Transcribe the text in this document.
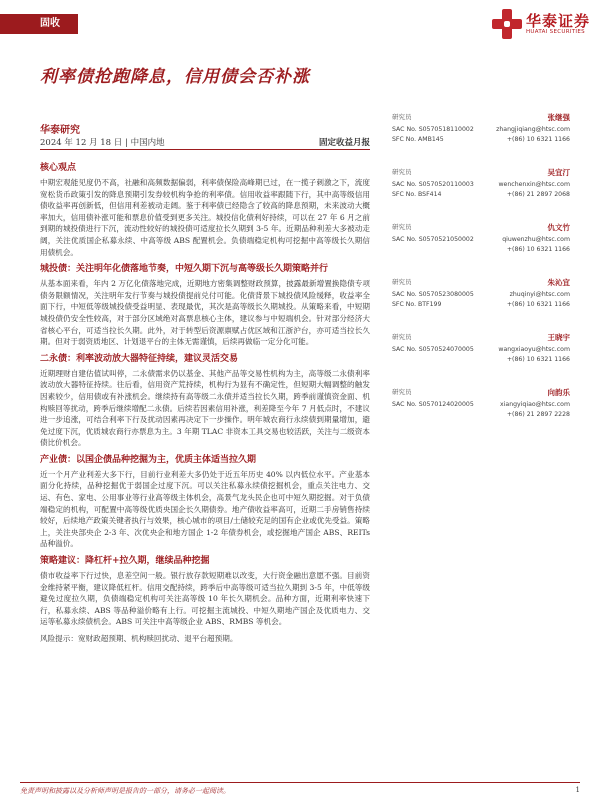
固收	华泰证券
HUATAI SECURITIES
利率债抢跑降息，信用债会否补涨
华泰研究
2024 年 12 月 18 日 | 中国内地	固定收益月报
核心观点
中期宏观能见度仍不高，社融和高频数据偏弱，利率债保险高峰期已过，在一揽子刺激之下，流度宽松货币政策引发的降息预期引发券较机构争抢的利率债。信用收益率跟随下行，其中高等级信用债收益率再创新低，但信用利差被动走阔。鉴于利率债已经隐含了较高的降息预期，未来波动大概率加大，信用债补涨可能和票息价值受到更多关注。城投信化债利好持续，可以在 27 年 6 月之前到期的城投债进行下沉，流动性较好的城投债可适度拉长久期到 3-5 年。近期品种利差大多被动走阔，关注优质国企私募永续、中高等级 ABS 配置机会。负债端稳定机构可挖掘中高等级长久期信用债机会。
城投债：关注明年化债落地节奏，中短久期下沉与高等级长久期策略并行
从基本面来看，年内 2 万亿化债落地完成，近期地方密集调整财政预算，披露最新增置换隐债专项债务限额情况，关注明年发行节奏与城投债提前兑付可能。化债背景下城投债风险缓释，收益率全面下行，中短低等级城投债受益明显、表现最优，其次是高等级长久期城投。从策略来看，中短期城投债仍安全性较高，对于部分区域绝对高票息核心主体，建议参与中短端机会。针对部分经济大省核心平台，可适当拉长久期。此外，对于转型后资源禀赋占优区域和江浙沪台，亦可适当拉长久期。但对于弱资质地区、计划退平台的主体无需谨慎，后续再做临一定分化可能。
二永债：利率波动放大器特征持续，建议灵活交易
近期理财自建估值试叫停，二永债需求仍以基金、其他产品等交易性机构为主，高等级二永债利率波动放大器特征持续。往后看，信用资产荒持续，机构行为显有不确定性，但短期大幅调整的触发因素较少，信用债或有补涨机会。继续持有高等级二永债并适当拉长久期，跨季前谨慎资金面、机构赎回等扰动，跨季后继续增配二永债。后续若因素信用补涨，利差降至今年 7 月低点时，不建议进一步追涨，可结合利率下行及扰动因素再决定下一步操作。明年城农商行永续债到期量增加，避免过度下沉，优质城农商行亦票息为主。3 年期 TLAC 非资本工具交易也较活跃，关注与二级资本债比价机会。
产业债：以国企债品种挖掘为主，优质主体适当拉久期
近一个月产业利差大多下行，目前行业利差大多仍处于近五年历史 40% 以内低位水平。产业基本面分化持续，品种挖掘优于弱国企过度下沉。可以关注私募永续债挖掘机会，重点关注电力、交运、有色、家电、公用事业等行业高等级主体机会，高景气龙头民企也可中短久期挖掘。对于负债端稳定的机构，可配置中高等级优质央国企长久期债券。地产债收益率高可，近期二手房销售持续较好，后续地产政策关键者执行与效果，核心城市的项目/土储较充足的国有企业或优先受益。策略上，关注央部央企 2-3 年、次优央企和地方国企 1-2 年债券机会，或挖掘地产国企 ABS、REITs 品种溢价。
策略建议：降杠杆+拉久期，继续品种挖掘
债市收益率下行过快，息差空间一般。银行放存款短期难以改变，大行资金融出意愿不强。目前资金维持紧平衡，建议降低杠杆。信用交配持续，跨季后中高等级可适当拉久期到 3-5 年，中低等级避免过度拉久期，负债端稳定机构可关注高等级 10 年长久期机会。品种方面，近期利率快速下行，私募永续、ABS 等品种溢价略有上行。可挖掘主流城投、中短久期地产国企及优质电力、交运等私募永续债机会。ABS 可关注中高等级企业 ABS、RMBS 等机会。
风险提示：宽财政超预期、机构赎回扰动、退平台超预期。
研究员	张继强
SAC No. S0570518110002	zhangjiqiang@htsc.com
SFC No. AMB145	+(86) 10 6321 1166
研究员	吴宜汀
SAC No. S0570520110003	wenchenxin@htsc.com
SFC No. BSF414	+(86) 21 2897 2068
研究员	仇文竹
SAC No. S0570521050002	qiuwenzhu@htsc.com
+(86) 10 6321 1166
研究员	朱沁宜
SAC No. S0570523080005	zhuqinyi@htsc.com
SFC No. BTF199	+(86) 10 6321 1166
研究员	王晓宇
SAC No. S0570524070005	wangxiaoyu@htsc.com
+(86) 10 6321 1166
研究员	向韵乐
SAC No. S0570124020005	xiangyiqiao@htsc.com
+(86) 21 2897 2228
免责声明和披露以及分析师声明是报告的一部分，请务必一起阅读。	1
